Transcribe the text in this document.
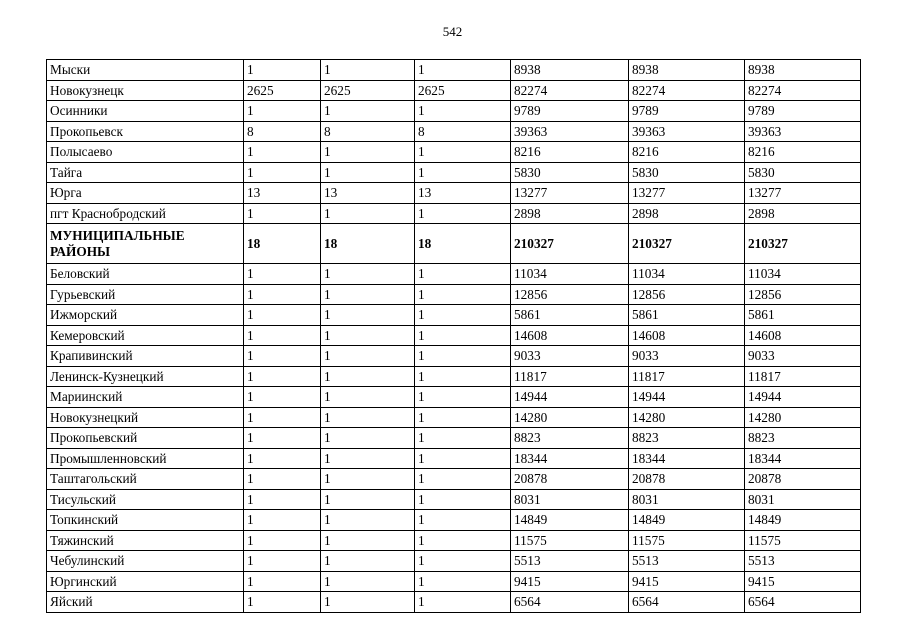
542
Мыски	1	1	1	8938	8938	8938
Новокузнецк	2625	2625	2625	82274	82274	82274
Осинники	1	1	1	9789	9789	9789
Прокопьевск	8	8	8	39363	39363	39363
Полысаево	1	1	1	8216	8216	8216
Тайга	1	1	1	5830	5830	5830
Юрга	13	13	13	13277	13277	13277
пгт Краснобродский	1	1	1	2898	2898	2898
МУНИЦИПАЛЬНЫЕ РАЙОНЫ	18	18	18	210327	210327	210327
Беловский	1	1	1	11034	11034	11034
Гурьевский	1	1	1	12856	12856	12856
Ижморский	1	1	1	5861	5861	5861
Кемеровский	1	1	1	14608	14608	14608
Крапивинский	1	1	1	9033	9033	9033
Ленинск-Кузнецкий	1	1	1	11817	11817	11817
Мариинский	1	1	1	14944	14944	14944
Новокузнецкий	1	1	1	14280	14280	14280
Прокопьевский	1	1	1	8823	8823	8823
Промышленновский	1	1	1	18344	18344	18344
Таштагольский	1	1	1	20878	20878	20878
Тисульский	1	1	1	8031	8031	8031
Топкинский	1	1	1	14849	14849	14849
Тяжинский	1	1	1	11575	11575	11575
Чебулинский	1	1	1	5513	5513	5513
Юргинский	1	1	1	9415	9415	9415
Яйский	1	1	1	6564	6564	6564
